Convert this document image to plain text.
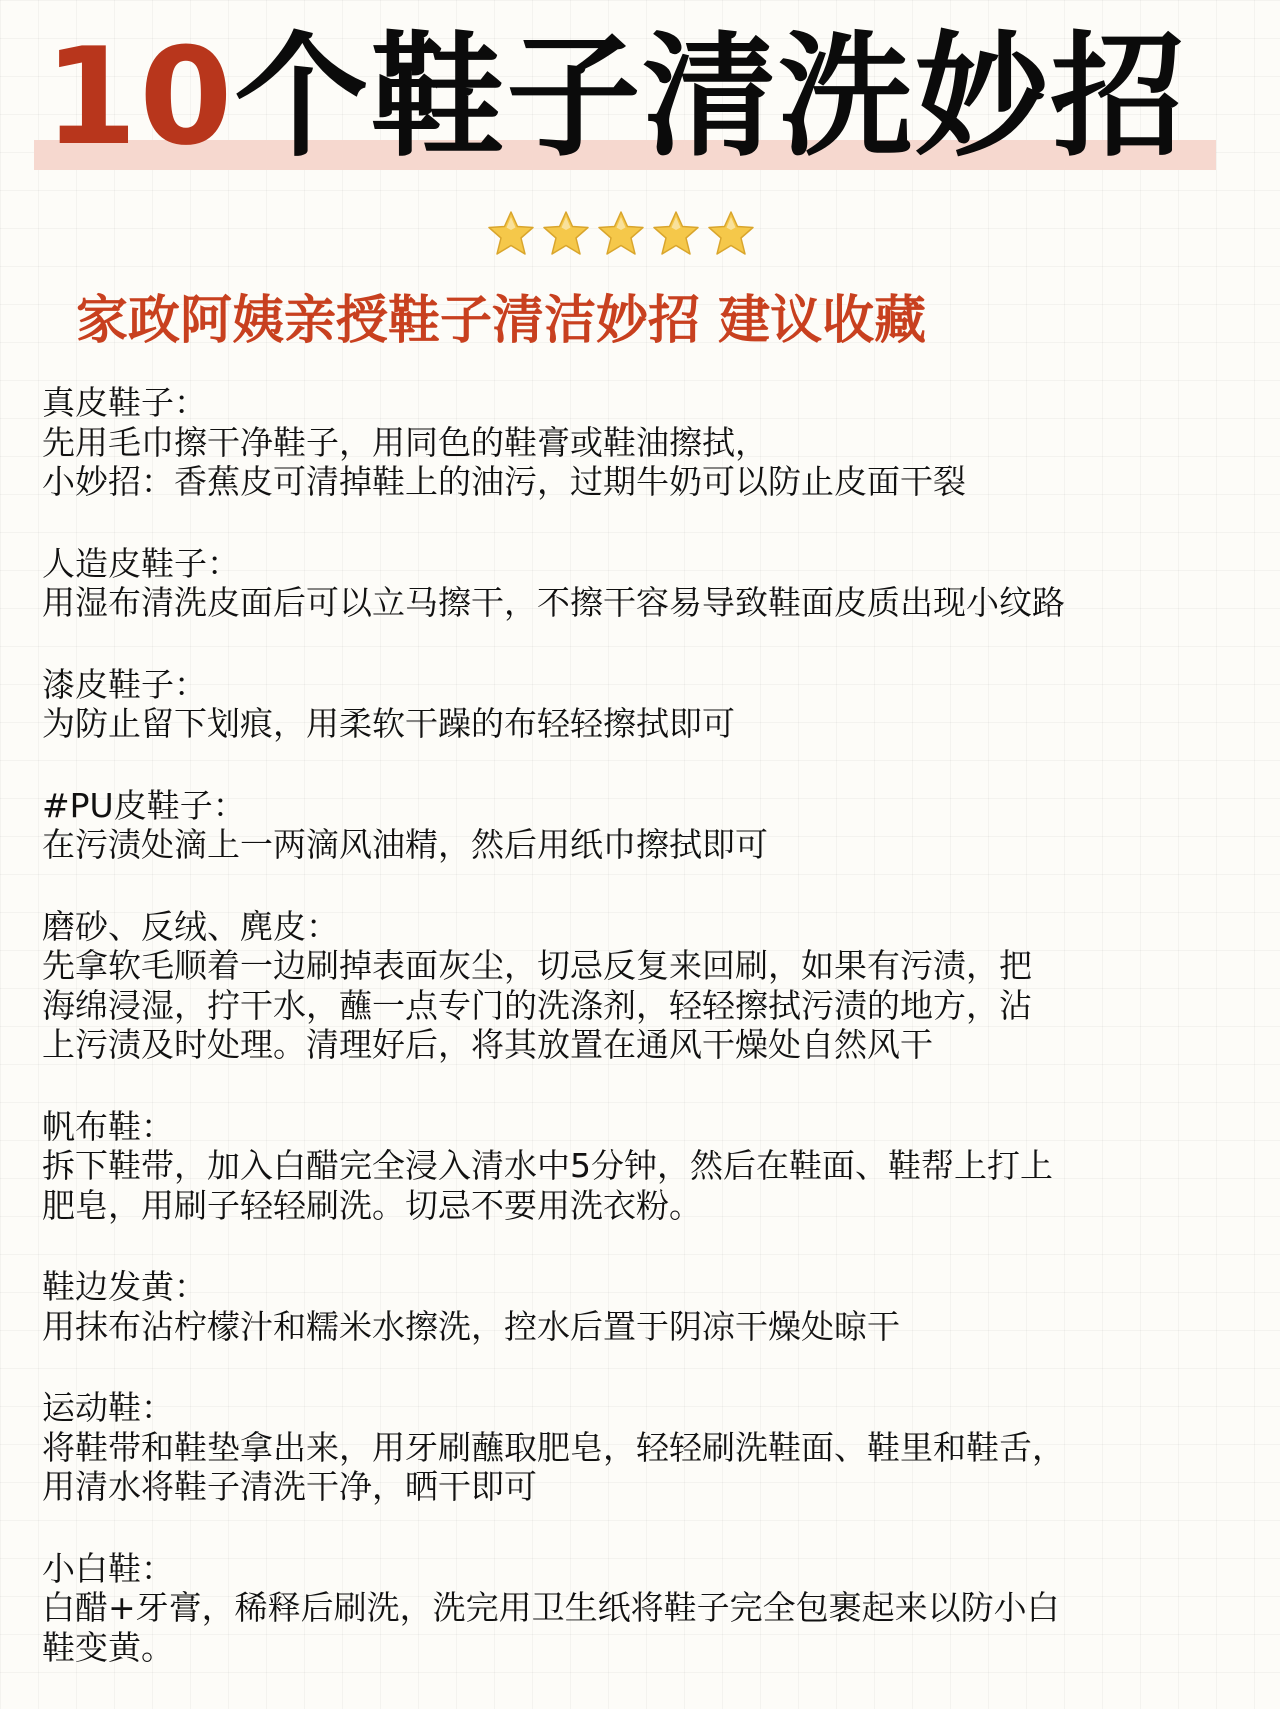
10个鞋子清洗妙招
家政阿姨亲授鞋子清洁妙招 建议收藏

真皮鞋子：

先用毛巾擦干净鞋子，用同色的鞋膏或鞋油擦拭，

小妙招：香蕉皮可清掉鞋上的油污，过期牛奶可以防止皮面干裂

人造皮鞋子：

用湿布清洗皮面后可以立马擦干，不擦干容易导致鞋面皮质出现小纹路

漆皮鞋子：

为防止留下划痕，用柔软干躁的布轻轻擦拭即可

#PU皮鞋子：

在污渍处滴上一两滴风油精，然后用纸巾擦拭即可

磨砂、反绒、麂皮：

先拿软毛顺着一边刷掉表面灰尘，切忌反复来回刷，如果有污渍，把

海绵浸湿，拧干水，蘸一点专门的洗涤剂，轻轻擦拭污渍的地方，沾

上污渍及时处理。清理好后，将其放置在通风干燥处自然风干

帆布鞋：

拆下鞋带，加入白醋完全浸入清水中5分钟，然后在鞋面、鞋帮上打上

肥皂，用刷子轻轻刷洗。切忌不要用洗衣粉。

鞋边发黄：

用抹布沾柠檬汁和糯米水擦洗，控水后置于阴凉干燥处晾干

运动鞋：

将鞋带和鞋垫拿出来，用牙刷蘸取肥皂，轻轻刷洗鞋面、鞋里和鞋舌，

用清水将鞋子清洗干净，晒干即可

小白鞋：

白醋+牙膏，稀释后刷洗，洗完用卫生纸将鞋子完全包裹起来以防小白

鞋变黄。
